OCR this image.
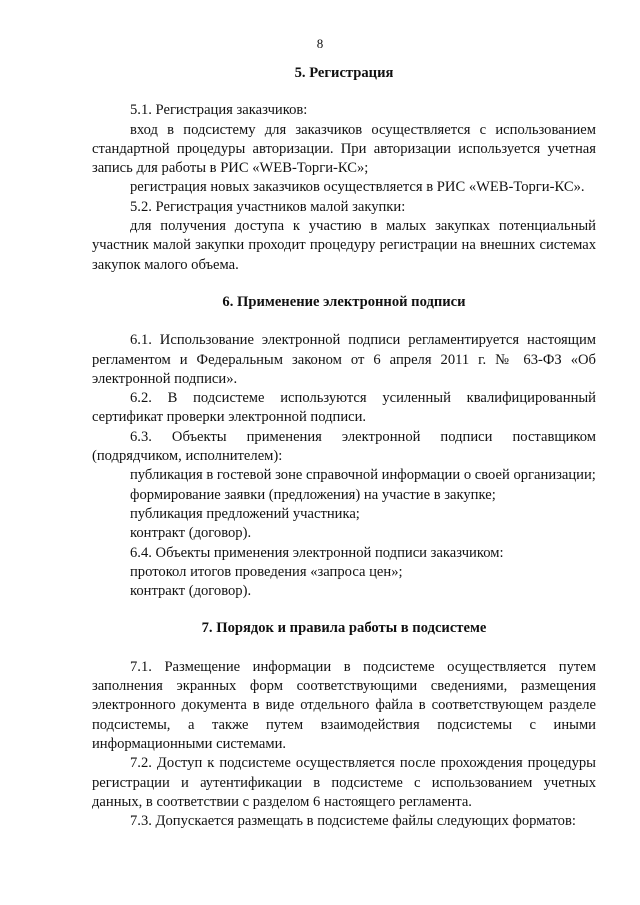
8
5. Регистрация

5.1. Регистрация заказчиков:

вход в подсистему для заказчиков осуществляется с использованием стандартной процедуры авторизации. При авторизации используется учетная запись для работы в РИС «WEB-Торги-КС»;

регистрация новых заказчиков осуществляется в РИС «WEB-Торги-КС».

5.2. Регистрация участников малой закупки:

для получения доступа к участию в малых закупках потенциальный участник малой закупки проходит процедуру регистрации на внешних системах закупок малого объема.

6. Применение электронной подписи

6.1. Использование электронной подписи регламентируется настоящим регламентом и Федеральным законом от 6 апреля 2011 г. № 63-ФЗ «Об электронной подписи».

6.2. В подсистеме используются усиленный квалифицированный сертификат проверки электронной подписи.

6.3. Объекты применения электронной подписи поставщиком (подрядчиком, исполнителем):

публикация в гостевой зоне справочной информации о своей организации;

формирование заявки (предложения) на участие в закупке;

публикация предложений участника;

контракт (договор).

6.4. Объекты применения электронной подписи заказчиком:

протокол итогов проведения «запроса цен»;

контракт (договор).

7. Порядок и правила работы в подсистеме

7.1. Размещение информации в подсистеме осуществляется путем заполнения экранных форм соответствующими сведениями, размещения электронного документа в виде отдельного файла в соответствующем разделе подсистемы, а также путем взаимодействия подсистемы с иными информационными системами.

7.2. Доступ к подсистеме осуществляется после прохождения процедуры регистрации и аутентификации в подсистеме с использованием учетных данных, в соответствии с разделом 6 настоящего регламента.

7.3. Допускается размещать в подсистеме файлы следующих форматов:
